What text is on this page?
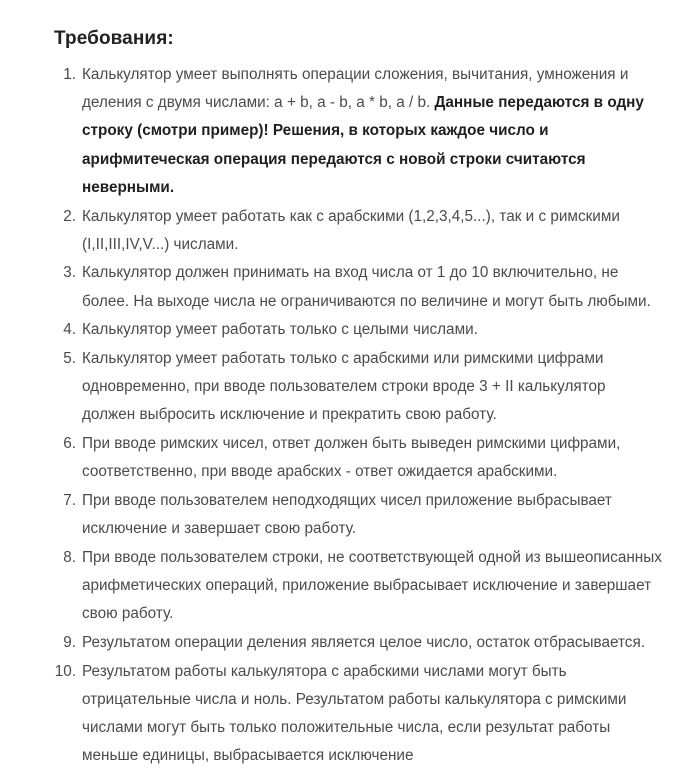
Требования:
Калькулятор умеет выполнять операции сложения, вычитания, умножения и деления с двумя числами: a + b, a - b, a * b, a / b. Данные передаются в одну строку (смотри пример)! Решения, в которых каждое число и арифмитеческая операция передаются с новой строки считаются неверными.
Калькулятор умеет работать как с арабскими (1,2,3,4,5...), так и с римскими (I,II,III,IV,V...) числами.
Калькулятор должен принимать на вход числа от 1 до 10 включительно, не более. На выходе числа не ограничиваются по величине и могут быть любыми.
Калькулятор умеет работать только с целыми числами.
Калькулятор умеет работать только с арабскими или римскими цифрами одновременно, при вводе пользователем строки вроде 3 + II калькулятор должен выбросить исключение и прекратить свою работу.
При вводе римских чисел, ответ должен быть выведен римскими цифрами, соответственно, при вводе арабских - ответ ожидается арабскими.
При вводе пользователем неподходящих чисел приложение выбрасывает исключение и завершает свою работу.
При вводе пользователем строки, не соответствующей одной из вышеописанных арифметических операций, приложение выбрасывает исключение и завершает свою работу.
Результатом операции деления является целое число, остаток отбрасывается.
Результатом работы калькулятора с арабскими числами могут быть отрицательные числа и ноль. Результатом работы калькулятора с римскими числами могут быть только положительные числа, если результат работы меньше единицы, выбрасывается исключение
